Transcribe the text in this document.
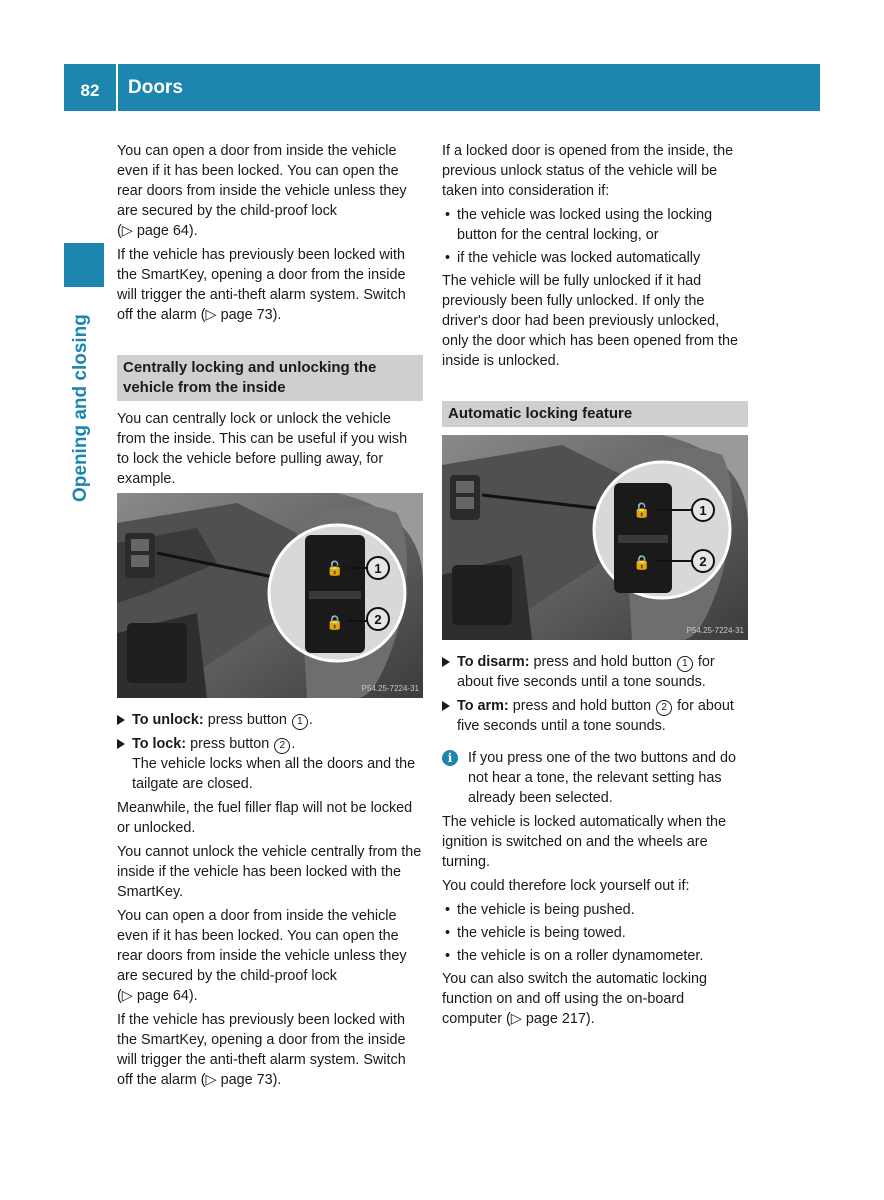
82	Doors
Opening and closing

You can open a door from inside the vehicle even if it has been locked. You can open the rear doors from inside the vehicle unless they are secured by the child-proof lock
(▷ page 64).

If the vehicle has previously been locked with the SmartKey, opening a door from the inside will trigger the anti-theft alarm system. Switch off the alarm (▷ page 73).

Centrally locking and unlocking the vehicle from the inside

You can centrally lock or unlock the vehicle from the inside. This can be useful if you wish to lock the vehicle before pulling away, for example.

🔓
🔒
1
2
P54.25-7224-31
To unlock: press button 1 .
To lock: press button 2 .
The vehicle locks when all the doors and the tailgate are closed.

Meanwhile, the fuel filler flap will not be locked or unlocked.

You cannot unlock the vehicle centrally from the inside if the vehicle has been locked with the SmartKey.

You can open a door from inside the vehicle even if it has been locked. You can open the rear doors from inside the vehicle unless they are secured by the child-proof lock
(▷ page 64).

If the vehicle has previously been locked with the SmartKey, opening a door from the inside will trigger the anti-theft alarm system. Switch off the alarm (▷ page 73).

If a locked door is opened from the inside, the previous unlock status of the vehicle will be taken into consideration if:

• the vehicle was locked using the locking button for the central locking, or
• if the vehicle was locked automatically

The vehicle will be fully unlocked if it had previously been fully unlocked. If only the driver's door had been previously unlocked, only the door which has been opened from the inside is unlocked.

Automatic locking feature
🔓
🔒
1
2
P54.25-7224-31
To disarm: press and hold button 1 for about five seconds until a tone sounds.
To arm: press and hold button 2 for about five seconds until a tone sounds.
i	If you press one of the two buttons and do not hear a tone, the relevant setting has already been selected.

The vehicle is locked automatically when the ignition is switched on and the wheels are turning.

You could therefore lock yourself out if:

• the vehicle is being pushed.
• the vehicle is being towed.
• the vehicle is on a roller dynamometer.

You can also switch the automatic locking function on and off using the on-board computer (▷ page 217).
